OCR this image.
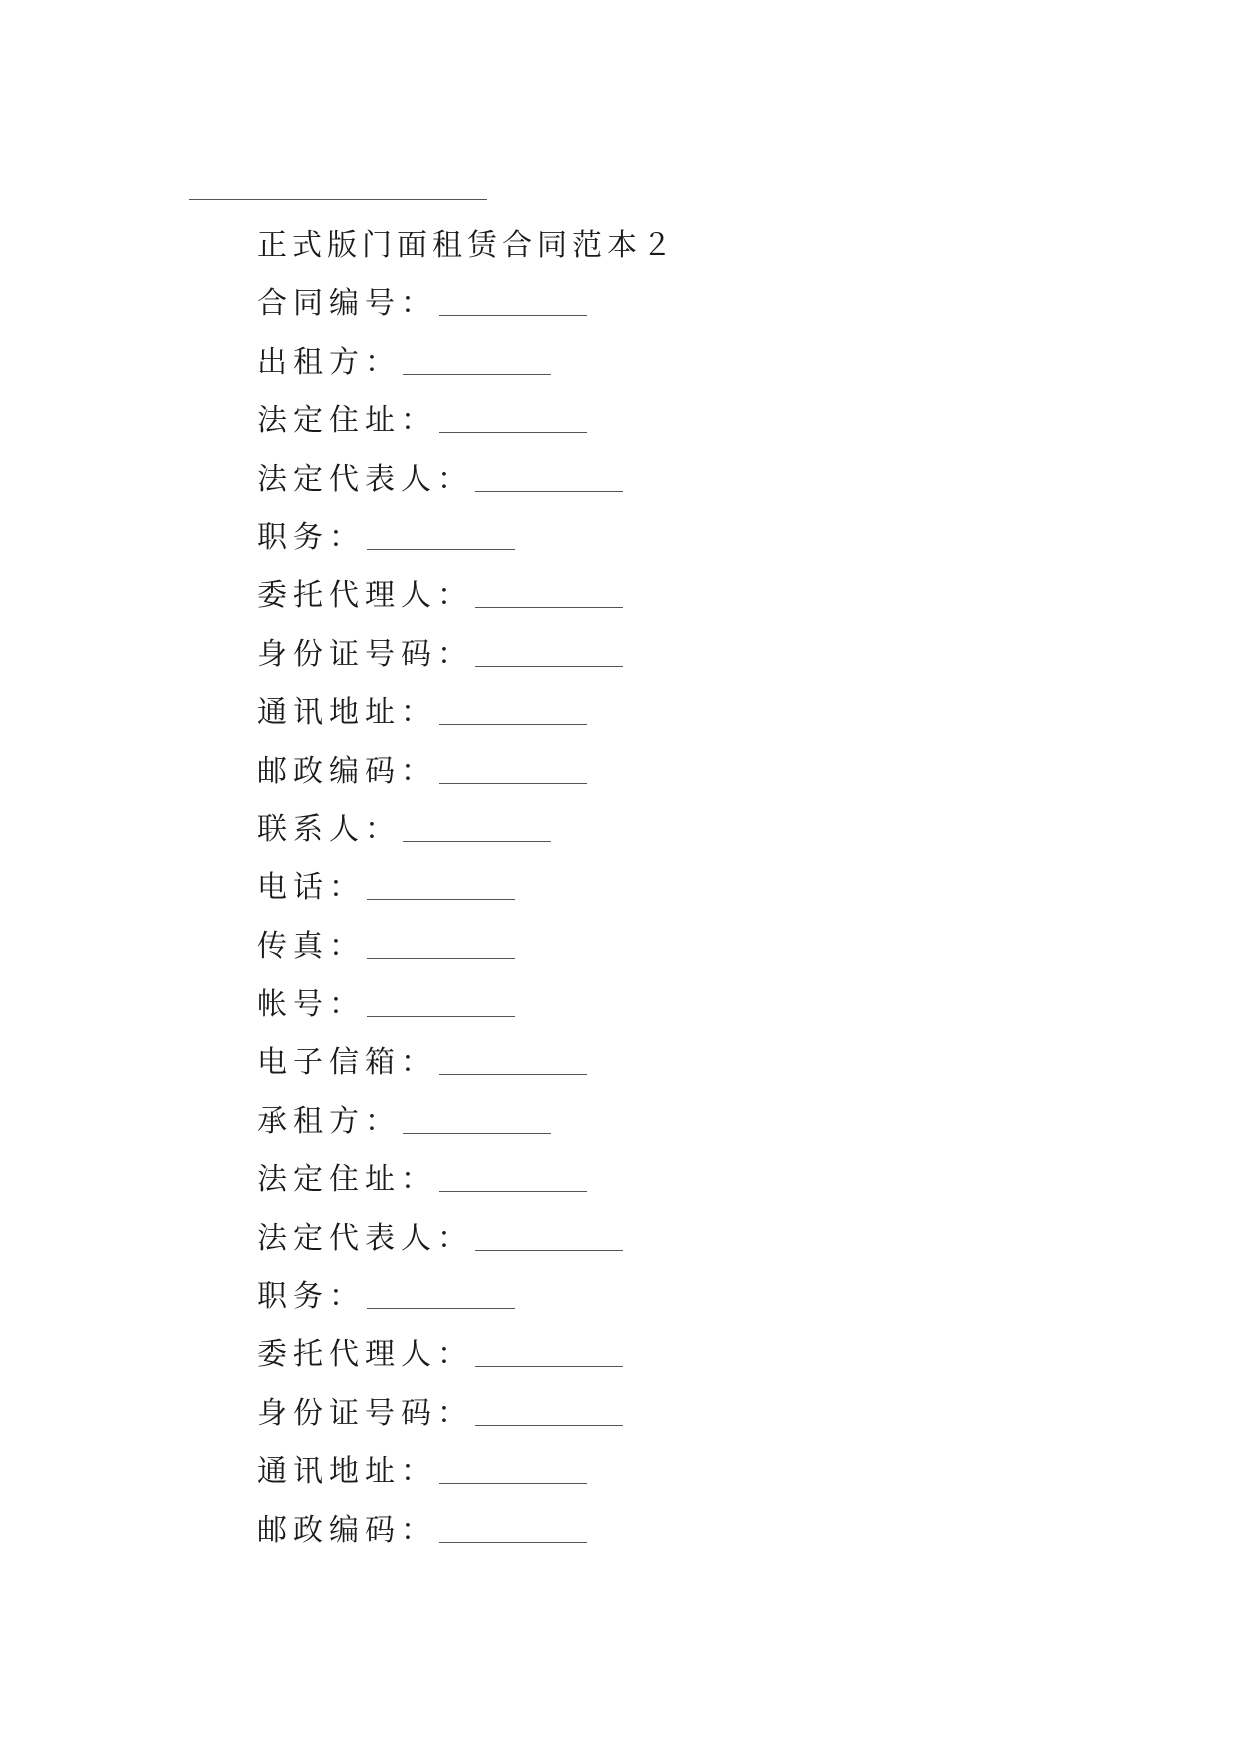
正式版门面租赁合同范本２
合同编号：
出租方：
法定住址：
法定代表人：
职务：
委托代理人：
身份证号码：
通讯地址：
邮政编码：
联系人：
电话：
传真：
帐号：
电子信箱：
承租方：
法定住址：
法定代表人：
职务：
委托代理人：
身份证号码：
通讯地址：
邮政编码：
